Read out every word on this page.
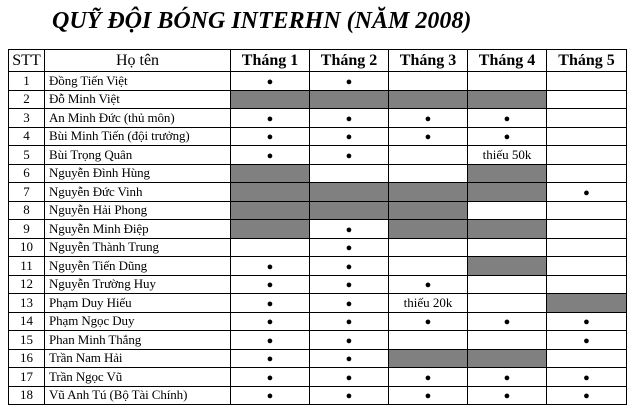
QUỸ ĐỘI BÓNG INTERHN (NĂM 2008)
STT	Họ tên	Tháng 1	Tháng 2	Tháng 3	Tháng 4	Tháng 5
1	Đồng Tiến Việt	●	●			
2	Đỗ Minh Việt					
3	An Minh Đức (thủ môn)	●	●	●	●	
4	Bùi Minh Tiến (đội trưởng)	●	●	●	●	
5	Bùi Trọng Quân	●	●		thiếu 50k	
6	Nguyễn Đình Hùng					
7	Nguyễn Đức Vinh					●
8	Nguyễn Hải Phong					
9	Nguyễn Minh Điệp		●			
10	Nguyễn Thành Trung		●			
11	Nguyễn Tiến Dũng	●	●			
12	Nguyễn Trường Huy	●	●	●		
13	Phạm Duy Hiếu	●	●	thiếu 20k		
14	Phạm Ngọc Duy	●	●	●	●	●
15	Phan Minh Thắng	●	●			●
16	Trần Nam Hải	●	●			
17	Trần Ngọc Vũ	●	●	●	●	●
18	Vũ Anh Tú (Bộ Tài Chính)	●	●	●	●	●
